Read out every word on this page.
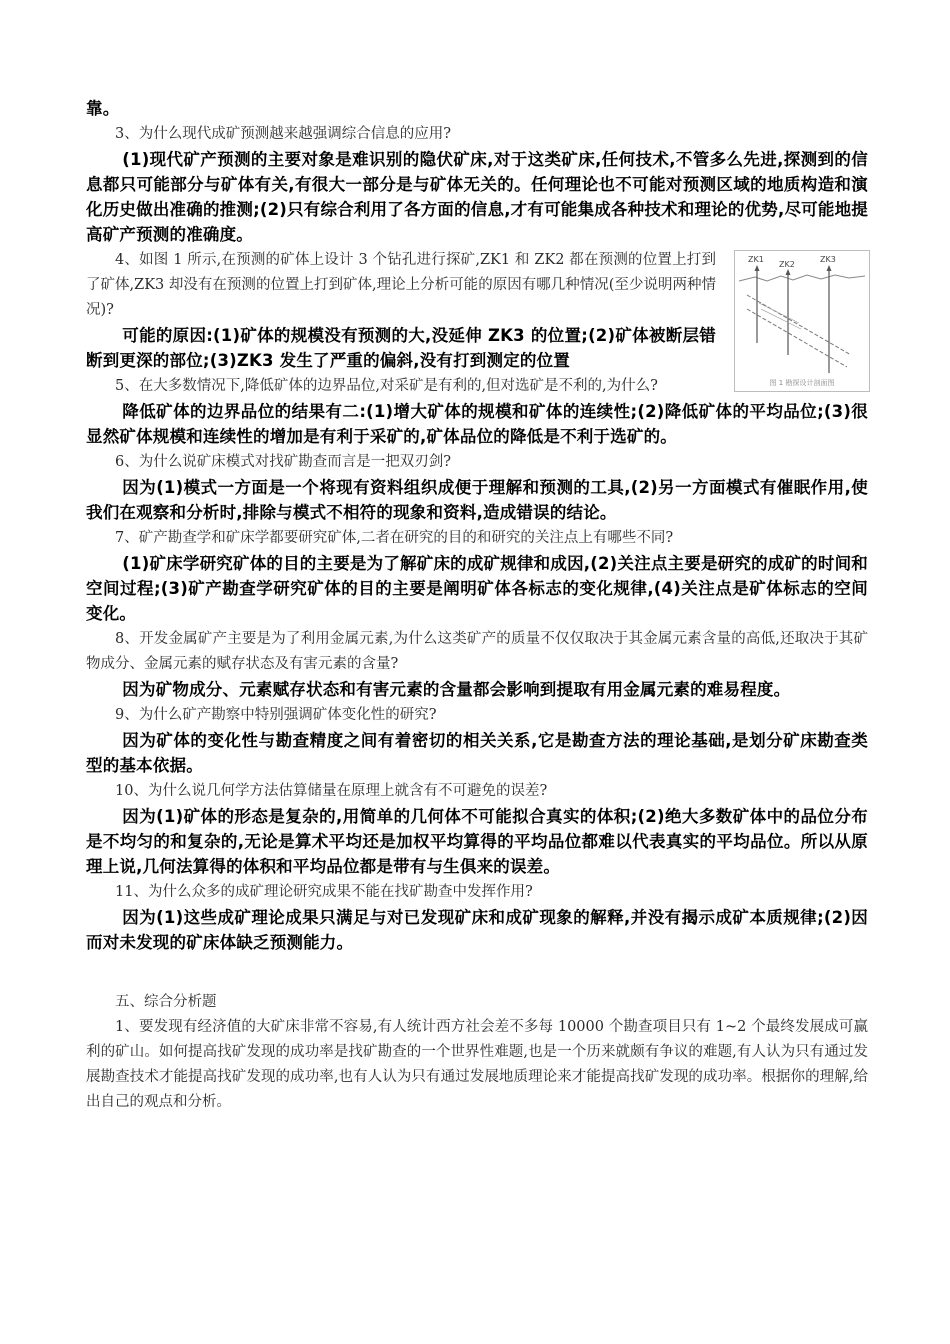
靠。

3、为什么现代成矿预测越来越强调综合信息的应用?

(1)现代矿产预测的主要对象是难识别的隐伏矿床,对于这类矿床,任何技术,不管多么先进,探测到的信息都只可能部分与矿体有关,有很大一部分是与矿体无关的。任何理论也不可能对预测区域的地质构造和演化历史做出准确的推测;(2)只有综合利用了各方面的信息,才有可能集成各种技术和理论的优势,尽可能地提高矿产预测的准确度。

4、如图 1 所示,在预测的矿体上设计 3 个钻孔进行探矿,ZK1 和 ZK2 都在预测的位置上打到了矿体,ZK3 却没有在预测的位置上打到矿体,理论上分析可能的原因有哪几种情况(至少说明两种情况)?

可能的原因:(1)矿体的规模没有预测的大,没延伸 ZK3 的位置;(2)矿体被断层错断到更深的部位;(3)ZK3 发生了严重的偏斜,没有打到测定的位置

ZK1
ZK2
ZK3
图 1 勘探设计剖面图

5、在大多数情况下,降低矿体的边界品位,对采矿是有利的,但对选矿是不利的,为什么?

降低矿体的边界品位的结果有二:(1)增大矿体的规模和矿体的连续性;(2)降低矿体的平均品位;(3)很显然矿体规模和连续性的增加是有利于采矿的,矿体品位的降低是不利于选矿的。

6、为什么说矿床模式对找矿勘查而言是一把双刃剑?

因为(1)模式一方面是一个将现有资料组织成便于理解和预测的工具,(2)另一方面模式有催眠作用,使我们在观察和分析时,排除与模式不相符的现象和资料,造成错误的结论。

7、矿产勘查学和矿床学都要研究矿体,二者在研究的目的和研究的关注点上有哪些不同?

(1)矿床学研究矿体的目的主要是为了解矿床的成矿规律和成因,(2)关注点主要是研究的成矿的时间和空间过程;(3)矿产勘查学研究矿体的目的主要是阐明矿体各标志的变化规律,(4)关注点是矿体标志的空间变化。

8、开发金属矿产主要是为了利用金属元素,为什么这类矿产的质量不仅仅取决于其金属元素含量的高低,还取决于其矿物成分、金属元素的赋存状态及有害元素的含量?

因为矿物成分、元素赋存状态和有害元素的含量都会影响到提取有用金属元素的难易程度。

9、为什么矿产勘察中特别强调矿体变化性的研究?

因为矿体的变化性与勘查精度之间有着密切的相关关系,它是勘查方法的理论基础,是划分矿床勘查类型的基本依据。

10、为什么说几何学方法估算储量在原理上就含有不可避免的误差?

因为(1)矿体的形态是复杂的,用简单的几何体不可能拟合真实的体积;(2)绝大多数矿体中的品位分布是不均匀的和复杂的,无论是算术平均还是加权平均算得的平均品位都难以代表真实的平均品位。所以从原理上说,几何法算得的体积和平均品位都是带有与生俱来的误差。

11、为什么众多的成矿理论研究成果不能在找矿勘查中发挥作用?

因为(1)这些成矿理论成果只满足与对已发现矿床和成矿现象的解释,并没有揭示成矿本质规律;(2)因而对未发现的矿床体缺乏预测能力。

五、综合分析题

1、要发现有经济值的大矿床非常不容易,有人统计西方社会差不多每 10000 个勘查项目只有 1~2 个最终发展成可赢利的矿山。如何提高找矿发现的成功率是找矿勘查的一个世界性难题,也是一个历来就颇有争议的难题,有人认为只有通过发展勘查技术才能提高找矿发现的成功率,也有人认为只有通过发展地质理论来才能提高找矿发现的成功率。根据你的理解,给出自己的观点和分析。
